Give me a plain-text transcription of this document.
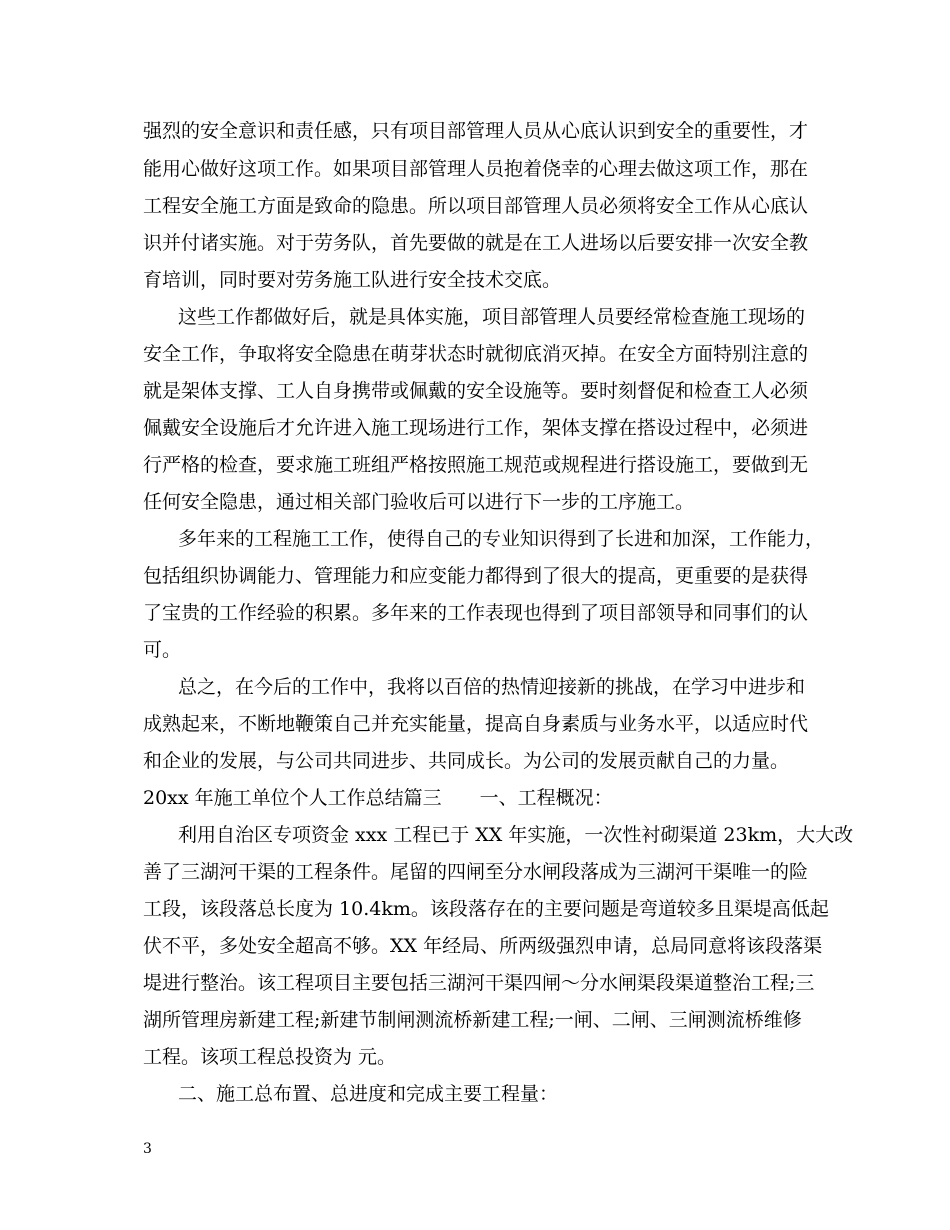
强烈的安全意识和责任感，只有项目部管理人员从心底认识到安全的重要性，才
能用心做好这项工作。如果项目部管理人员抱着侥幸的心理去做这项工作，那在
工程安全施工方面是致命的隐患。所以项目部管理人员必须将安全工作从心底认
识并付诸实施。对于劳务队，首先要做的就是在工人进场以后要安排一次安全教
育培训，同时要对劳务施工队进行安全技术交底。
这些工作都做好后，就是具体实施，项目部管理人员要经常检查施工现场的
安全工作，争取将安全隐患在萌芽状态时就彻底消灭掉。在安全方面特别注意的
就是架体支撑、工人自身携带或佩戴的安全设施等。要时刻督促和检查工人必须
佩戴安全设施后才允许进入施工现场进行工作，架体支撑在搭设过程中，必须进
行严格的检查，要求施工班组严格按照施工规范或规程进行搭设施工，要做到无
任何安全隐患，通过相关部门验收后可以进行下一步的工序施工。
多年来的工程施工工作，使得自己的专业知识得到了长进和加深，工作能力，
包括组织协调能力、管理能力和应变能力都得到了很大的提高，更重要的是获得
了宝贵的工作经验的积累。多年来的工作表现也得到了项目部领导和同事们的认
可。
总之，在今后的工作中，我将以百倍的热情迎接新的挑战，在学习中进步和
成熟起来，不断地鞭策自己并充实能量，提高自身素质与业务水平，以适应时代
和企业的发展，与公司共同进步、共同成长。为公司的发展贡献自己的力量。
20xx 年施工单位个人工作总结篇三　　一、工程概况：
利用自治区专项资金 xxx 工程已于 XX 年实施，一次性衬砌渠道 23km，大大改
善了三湖河干渠的工程条件。尾留的四闸至分水闸段落成为三湖河干渠唯一的险
工段，该段落总长度为 10.4km。该段落存在的主要问题是弯道较多且渠堤高低起
伏不平，多处安全超高不够。XX 年经局、所两级强烈申请，总局同意将该段落渠
堤进行整治。该工程项目主要包括三湖河干渠四闸～分水闸渠段渠道整治工程;三
湖所管理房新建工程;新建节制闸测流桥新建工程;一闸、二闸、三闸测流桥维修
工程。该项工程总投资为 元。
二、施工总布置、总进度和完成主要工程量：
3
